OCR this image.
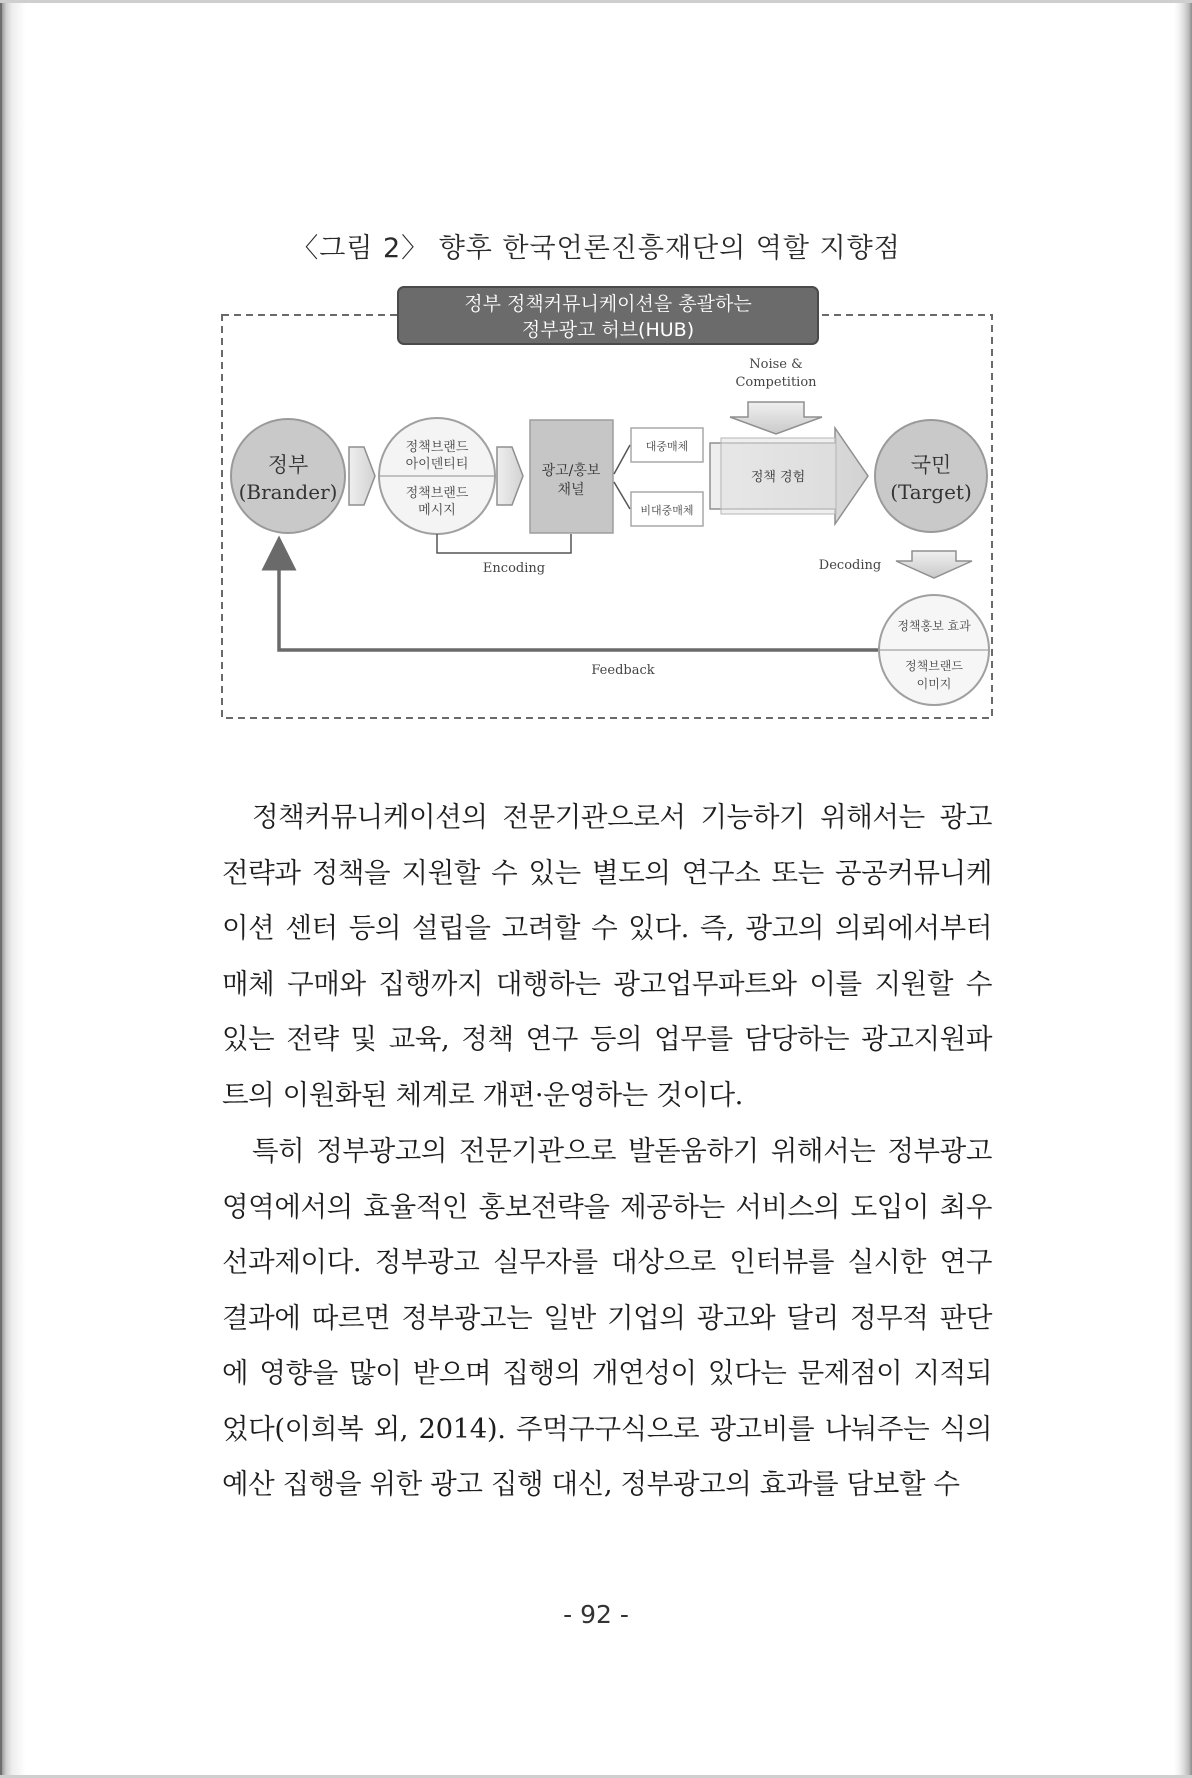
〈그림 2〉 향후 한국언론진흥재단의 역할 지향점
정부 정책커뮤니케이션을 총괄하는
정부광고 허브(HUB)
정부
(Brander)
정책브랜드
아이덴티티
정책브랜드
메시지
광고/홍보
채널
대중매체
비대중매체
Noise &
Competition
정책 경험
국민
(Target)
Encoding	Decoding
정책홍보 효과
정책브랜드
이미지
Feedback
정책커뮤니케이션의 전문기관으로서 기능하기 위해서는 광고
전략과 정책을 지원할 수 있는 별도의 연구소 또는 공공커뮤니케
이션 센터 등의 설립을 고려할 수 있다. 즉, 광고의 의뢰에서부터
매체 구매와 집행까지 대행하는 광고업무파트와 이를 지원할 수
있는 전략 및 교육, 정책 연구 등의 업무를 담당하는 광고지원파
트의 이원화된 체계로 개편·운영하는 것이다.
특히 정부광고의 전문기관으로 발돋움하기 위해서는 정부광고
영역에서의 효율적인 홍보전략을 제공하는 서비스의 도입이 최우
선과제이다. 정부광고 실무자를 대상으로 인터뷰를 실시한 연구
결과에 따르면 정부광고는 일반 기업의 광고와 달리 정무적 판단
에 영향을 많이 받으며 집행의 개연성이 있다는 문제점이 지적되
었다(이희복 외, 2014). 주먹구구식으로 광고비를 나눠주는 식의
예산 집행을 위한 광고 집행 대신, 정부광고의 효과를 담보할 수
- 92 -
